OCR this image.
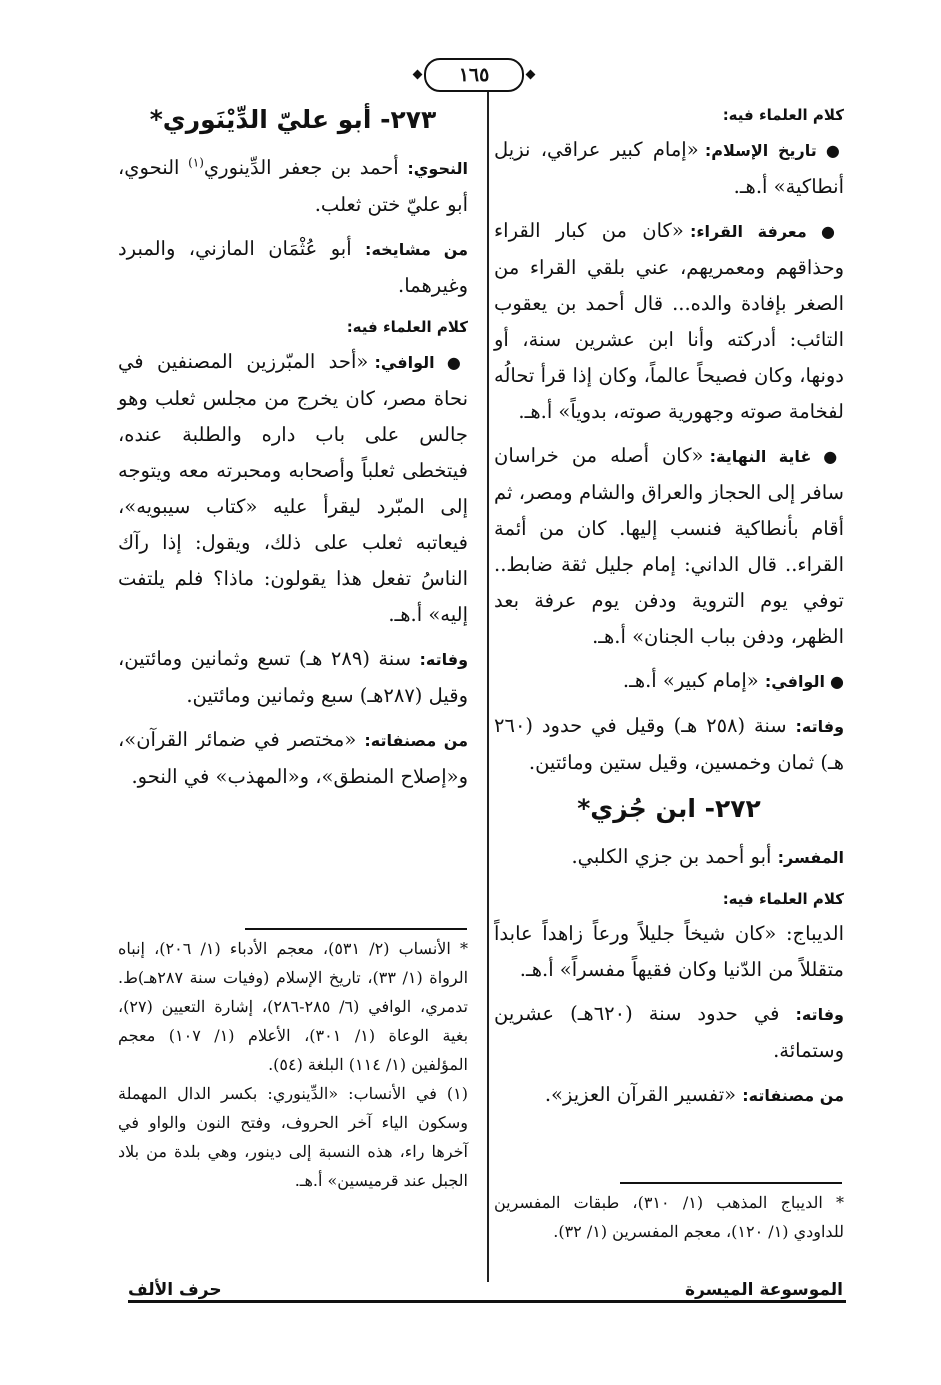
١٦٥
كلام العلماء فيه:

● تاريخ الإسلام: «إمام كبير عراقي، نزيل أنطاكية» أ.هـ.

● معرفة القراء: «كان من كبار القراء وحذاقهم ومعمريهم، عني بلقي القراء من الصغر بإفادة والده... قال أحمد بن يعقوب التائب: أدركته وأنا ابن عشرين سنة، أو دونها، وكان فصيحاً عالماً، وكان إذا قرأ تحالُه لفخامة صوته وجهورية صوته، بدوياً» أ.هـ.

● غاية النهاية: «كان أصله من خراسان سافر إلى الحجاز والعراق والشام ومصر، ثم أقام بأنطاكية فنسب إليها. كان من أئمة القراء.. قال الداني: إمام جليل ثقة ضابط.. توفي يوم التروية ودفن يوم عرفة بعد الظهر، ودفن بباب الجنان» أ.هـ.

● الوافي: «إمام كبير» أ.هـ.

وفاته: سنة (٢٥٨ هـ) وقيل في حدود (٢٦٠ هـ) ثمان وخمسين، وقيل ستين ومائتين.

٢٧٢- ابن جُزي*

المفسر: أبو أحمد بن جزي الكلبي.

كلام العلماء فيه:

الديباج: «كان شيخاً جليلاً ورعاً زاهداً عابداً متقللاً من الدّنيا وكان فقيهاً مفسراً» أ.هـ.

وفاته: في حدود سنة (٦٢٠هـ) عشرين وستمائة.

من مصنفاته: «تفسير القرآن العزيز».

* الديباج المذهب (١/ ٣١٠)، طبقات المفسرين للداودي (١/ ١٢٠)، معجم المفسرين (١/ ٣٢).

٢٧٣- أبو عليّ الدِّيْنَوري*

النحوي: أحمد بن جعفر الدِّينوري$^{(١)}$ النحوي، أبو عليّ ختن ثعلب.

من مشايخه: أبو عُثْمَان المازني، والمبرد وغيرهما.

كلام العلماء فيه:

● الوافي: «أحد المبّرزين المصنفين في نحاة مصر، كان يخرج من مجلس ثعلب وهو جالس على باب داره والطلبة عنده، فيتخطى ثعلباً وأصحابه ومحبرته معه ويتوجه إلى المبّرد ليقرأ عليه «كتاب سيبويه»، فيعاتبه ثعلب على ذلك، ويقول: إذا رآك الناسُ تفعل هذا يقولون: ماذا؟ فلم يلتفت إليه» أ.هـ.

وفاته: سنة (٢٨٩ هـ) تسع وثمانين ومائتين، وقيل (٢٨٧هـ) سبع وثمانين ومائتين.

من مصنفاته: «مختصر في ضمائر القرآن»، و«إصلاح المنطق»، و«المهذب» في النحو.

* الأنساب (٢/ ٥٣١)، معجم الأدباء (١/ ٢٠٦)، إنباه الرواة (١/ ٣٣)، تاريخ الإسلام (وفيات سنة ٢٨٧هـ)ط. تدمري، الوافي (٦/ ٢٨٥-٢٨٦)، إشارة التعيين (٢٧)، بغية الوعاة (١/ ٣٠١)، الأعلام (١/ ١٠٧) معجم المؤلفين (١/ ١١٤) البلغة (٥٤).

(١) في الأنساب: «الدِّينوري: بكسر الدال المهملة وسكون الياء آخر الحروف، وفتح النون والواو في آخرها راء، هذه النسبة إلى دينور، وهي بلدة من بلاد الجبل عند قرميسين» أ.هـ.

الموسوعة الميسرة
حرف الألف
